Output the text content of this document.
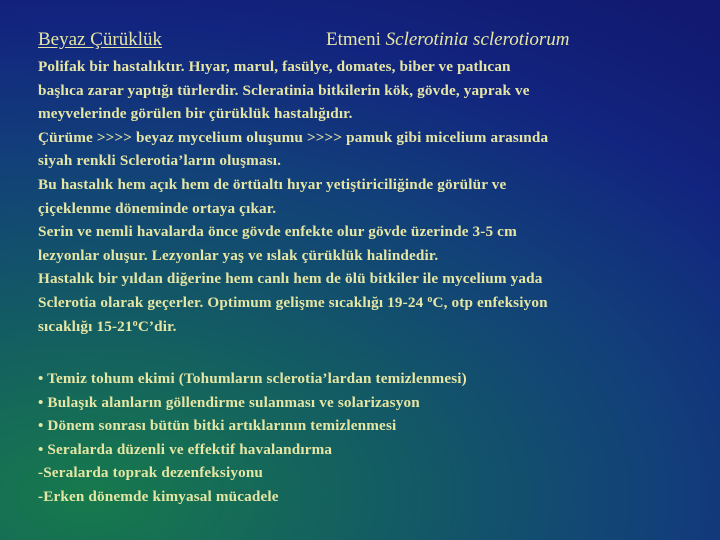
Beyaz Çürüklük	Etmeni Sclerotinia sclerotiorum
Polifak bir hastalıktır. Hıyar, marul, fasülye, domates, biber ve patlıcan
başlıca zarar yaptığı türlerdir. Scleratinia bitkilerin kök, gövde, yaprak ve
meyvelerinde görülen bir çürüklük hastalığıdır.
Çürüme >>>> beyaz mycelium oluşumu >>>> pamuk gibi micelium arasında
siyah renkli Sclerotia’ların oluşması.
Bu hastalık hem açık hem de örtüaltı hıyar yetiştiriciliğinde görülür ve
çiçeklenme döneminde ortaya çıkar.
Serin ve nemli havalarda önce gövde enfekte olur gövde üzerinde 3-5 cm
lezyonlar oluşur. Lezyonlar yaş ve ıslak çürüklük halindedir.
Hastalık bir yıldan diğerine hem canlı hem de ölü bitkiler ile mycelium yada
Sclerotia olarak geçerler. Optimum gelişme sıcaklığı 19-24 $^o$C, otp enfeksiyon
sıcaklığı 15-21$^o$C’dir.
• Temiz tohum ekimi (Tohumların sclerotia’lardan temizlenmesi)
• Bulaşık alanların göllendirme sulanması ve solarizasyon
• Dönem sonrası bütün bitki artıklarının temizlenmesi
• Seralarda düzenli ve effektif havalandırma
-Seralarda toprak dezenfeksiyonu
-Erken dönemde kimyasal mücadele
